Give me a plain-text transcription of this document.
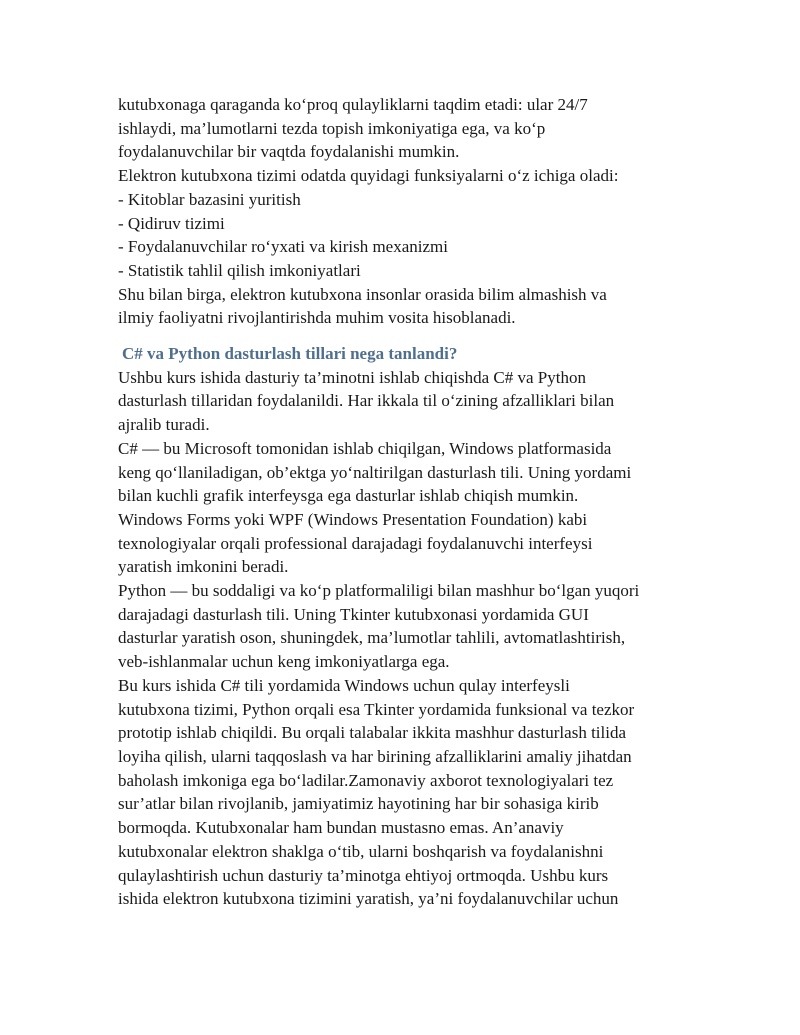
kutubxonaga qaraganda ko‘proq qulayliklarni taqdim etadi: ular 24/7
ishlaydi, ma’lumotlarni tezda topish imkoniyatiga ega, va ko‘p
foydalanuvchilar bir vaqtda foydalanishi mumkin.
Elektron kutubxona tizimi odatda quyidagi funksiyalarni o‘z ichiga oladi:
- Kitoblar bazasini yuritish
- Qidiruv tizimi
- Foydalanuvchilar ro‘yxati va kirish mexanizmi
- Statistik tahlil qilish imkoniyatlari
Shu bilan birga, elektron kutubxona insonlar orasida bilim almashish va
ilmiy faoliyatni rivojlantirishda muhim vosita hisoblanadi.
C# va Python dasturlash tillari nega tanlandi?
Ushbu kurs ishida dasturiy ta’minotni ishlab chiqishda C# va Python
dasturlash tillaridan foydalanildi. Har ikkala til o‘zining afzalliklari bilan
ajralib turadi.
C# — bu Microsoft tomonidan ishlab chiqilgan, Windows platformasida
keng qo‘llaniladigan, ob’ektga yo‘naltirilgan dasturlash tili. Uning yordami
bilan kuchli grafik interfeysga ega dasturlar ishlab chiqish mumkin.
Windows Forms yoki WPF (Windows Presentation Foundation) kabi
texnologiyalar orqali professional darajadagi foydalanuvchi interfeysi
yaratish imkonini beradi.
Python — bu soddaligi va ko‘p platformaliligi bilan mashhur bo‘lgan yuqori
darajadagi dasturlash tili. Uning Tkinter kutubxonasi yordamida GUI
dasturlar yaratish oson, shuningdek, ma’lumotlar tahlili, avtomatlashtirish,
veb-ishlanmalar uchun keng imkoniyatlarga ega.
Bu kurs ishida C# tili yordamida Windows uchun qulay interfeysli
kutubxona tizimi, Python orqali esa Tkinter yordamida funksional va tezkor
prototip ishlab chiqildi. Bu orqali talabalar ikkita mashhur dasturlash tilida
loyiha qilish, ularni taqqoslash va har birining afzalliklarini amaliy jihatdan
baholash imkoniga ega bo‘ladilar.Zamonaviy axborot texnologiyalari tez
sur’atlar bilan rivojlanib, jamiyatimiz hayotining har bir sohasiga kirib
bormoqda. Kutubxonalar ham bundan mustasno emas. An’anaviy
kutubxonalar elektron shaklga o‘tib, ularni boshqarish va foydalanishni
qulaylashtirish uchun dasturiy ta’minotga ehtiyoj ortmoqda. Ushbu kurs
ishida elektron kutubxona tizimini yaratish, ya’ni foydalanuvchilar uchun
